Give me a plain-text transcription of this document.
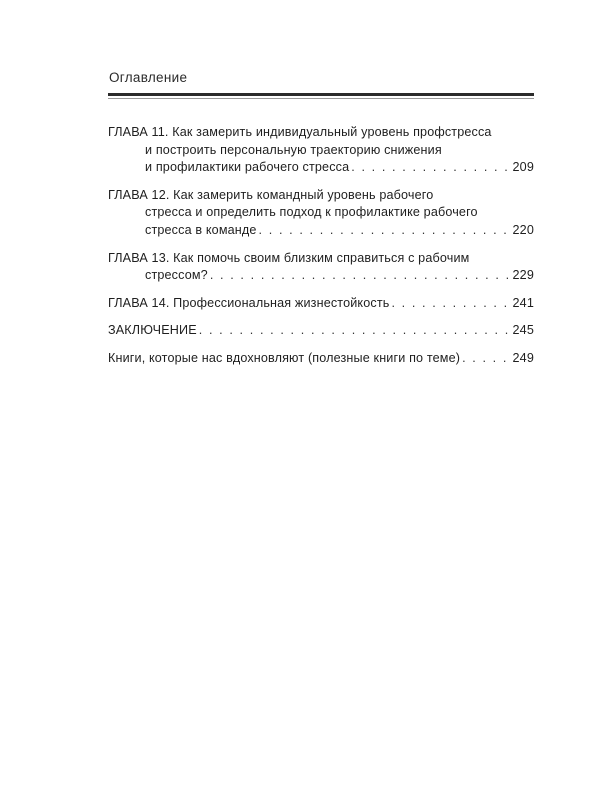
Оглавление
ГЛАВА 11. Как замерить индивидуальный уровень профстресса
и построить персональную траекторию снижения
и профилактики рабочего стресса . . .	209
ГЛАВА 12. Как замерить командный уровень рабочего
стресса и определить подход к профилактике рабочего
стресса в команде . . .	220
ГЛАВА 13. Как помочь своим близким справиться с рабочим
стрессом? . . .	229
ГЛАВА 14. Профессиональная жизнестойкость . . .	241
ЗАКЛЮЧЕНИЕ . . .	245
Книги, которые нас вдохновляют (полезные книги по теме) . . .	249
